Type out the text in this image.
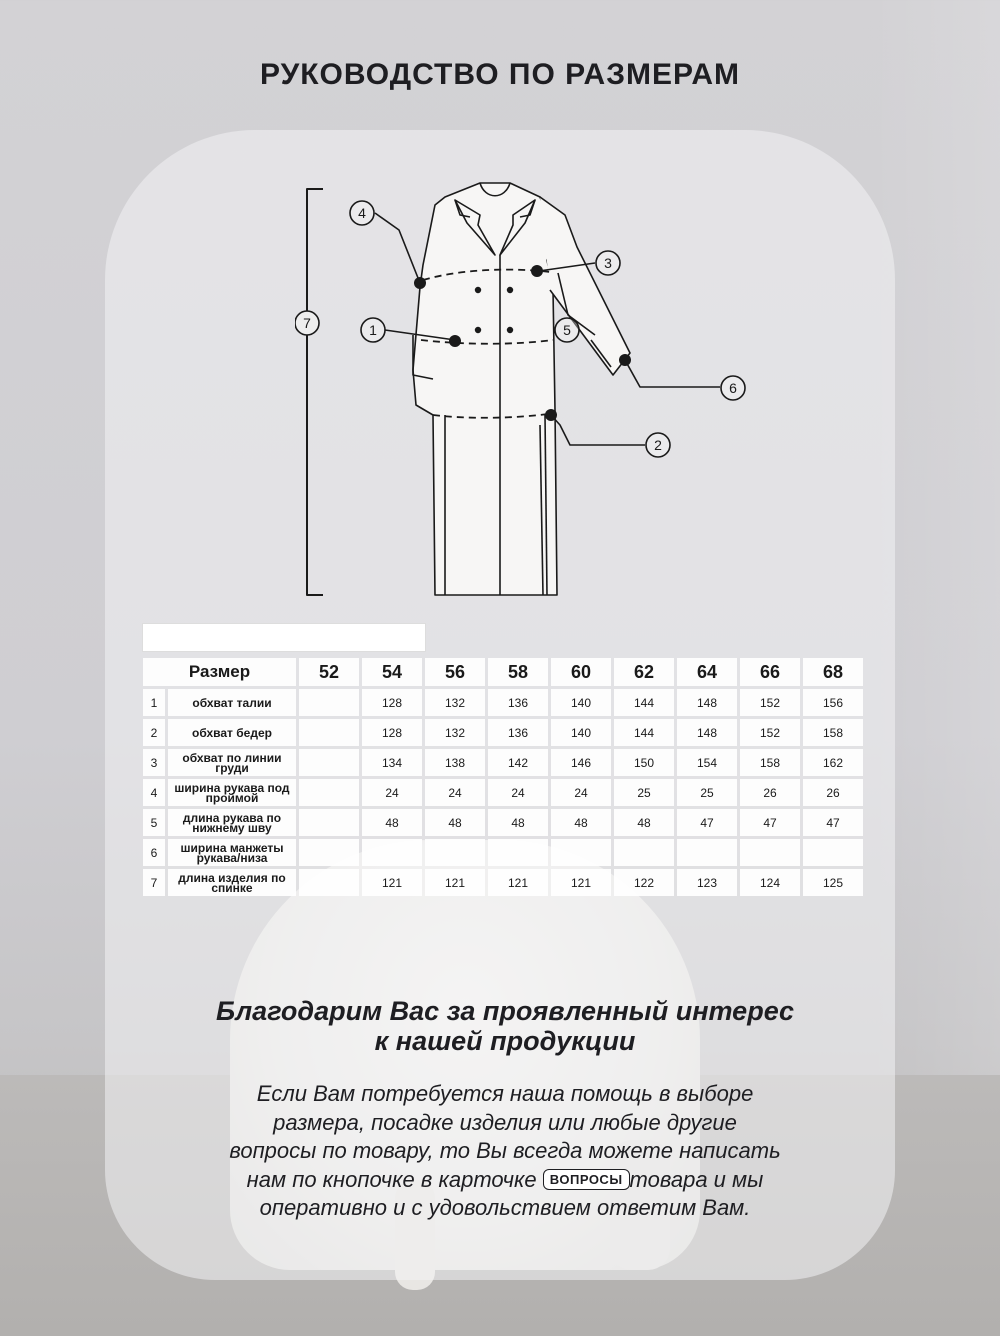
РУКОВОДСТВО ПО РАЗМЕРАМ
4
1
3
5
6
2
7
Размер		52	54	56	58	60	62	64	66	68
1	обхват талии		128	132	136	140	144	148	152	156
2	обхват бедер		128	132	136	140	144	148	152	158
3	обхват по линии груди		134	138	142	146	150	154	158	162
4	ширина рукава под проймой		24	24	24	24	25	25	26	26
5	длина рукава по нижнему шву		48	48	48	48	48	47	47	47
6	ширина манжеты рукава/низа									
7	длина изделия по спинке		121	121	121	121	122	123	124	125
Благодарим Вас за проявленный интерес
к нашей продукции
Если Вам потребуется наша помощь в выборе
размера, посадке изделия или любые другие
вопросы по товару, то Вы всегда можете написать
нам по кнопочке в карточке ВОПРОСЫ товара и мы
оперативно и с удовольствием ответим Вам.
